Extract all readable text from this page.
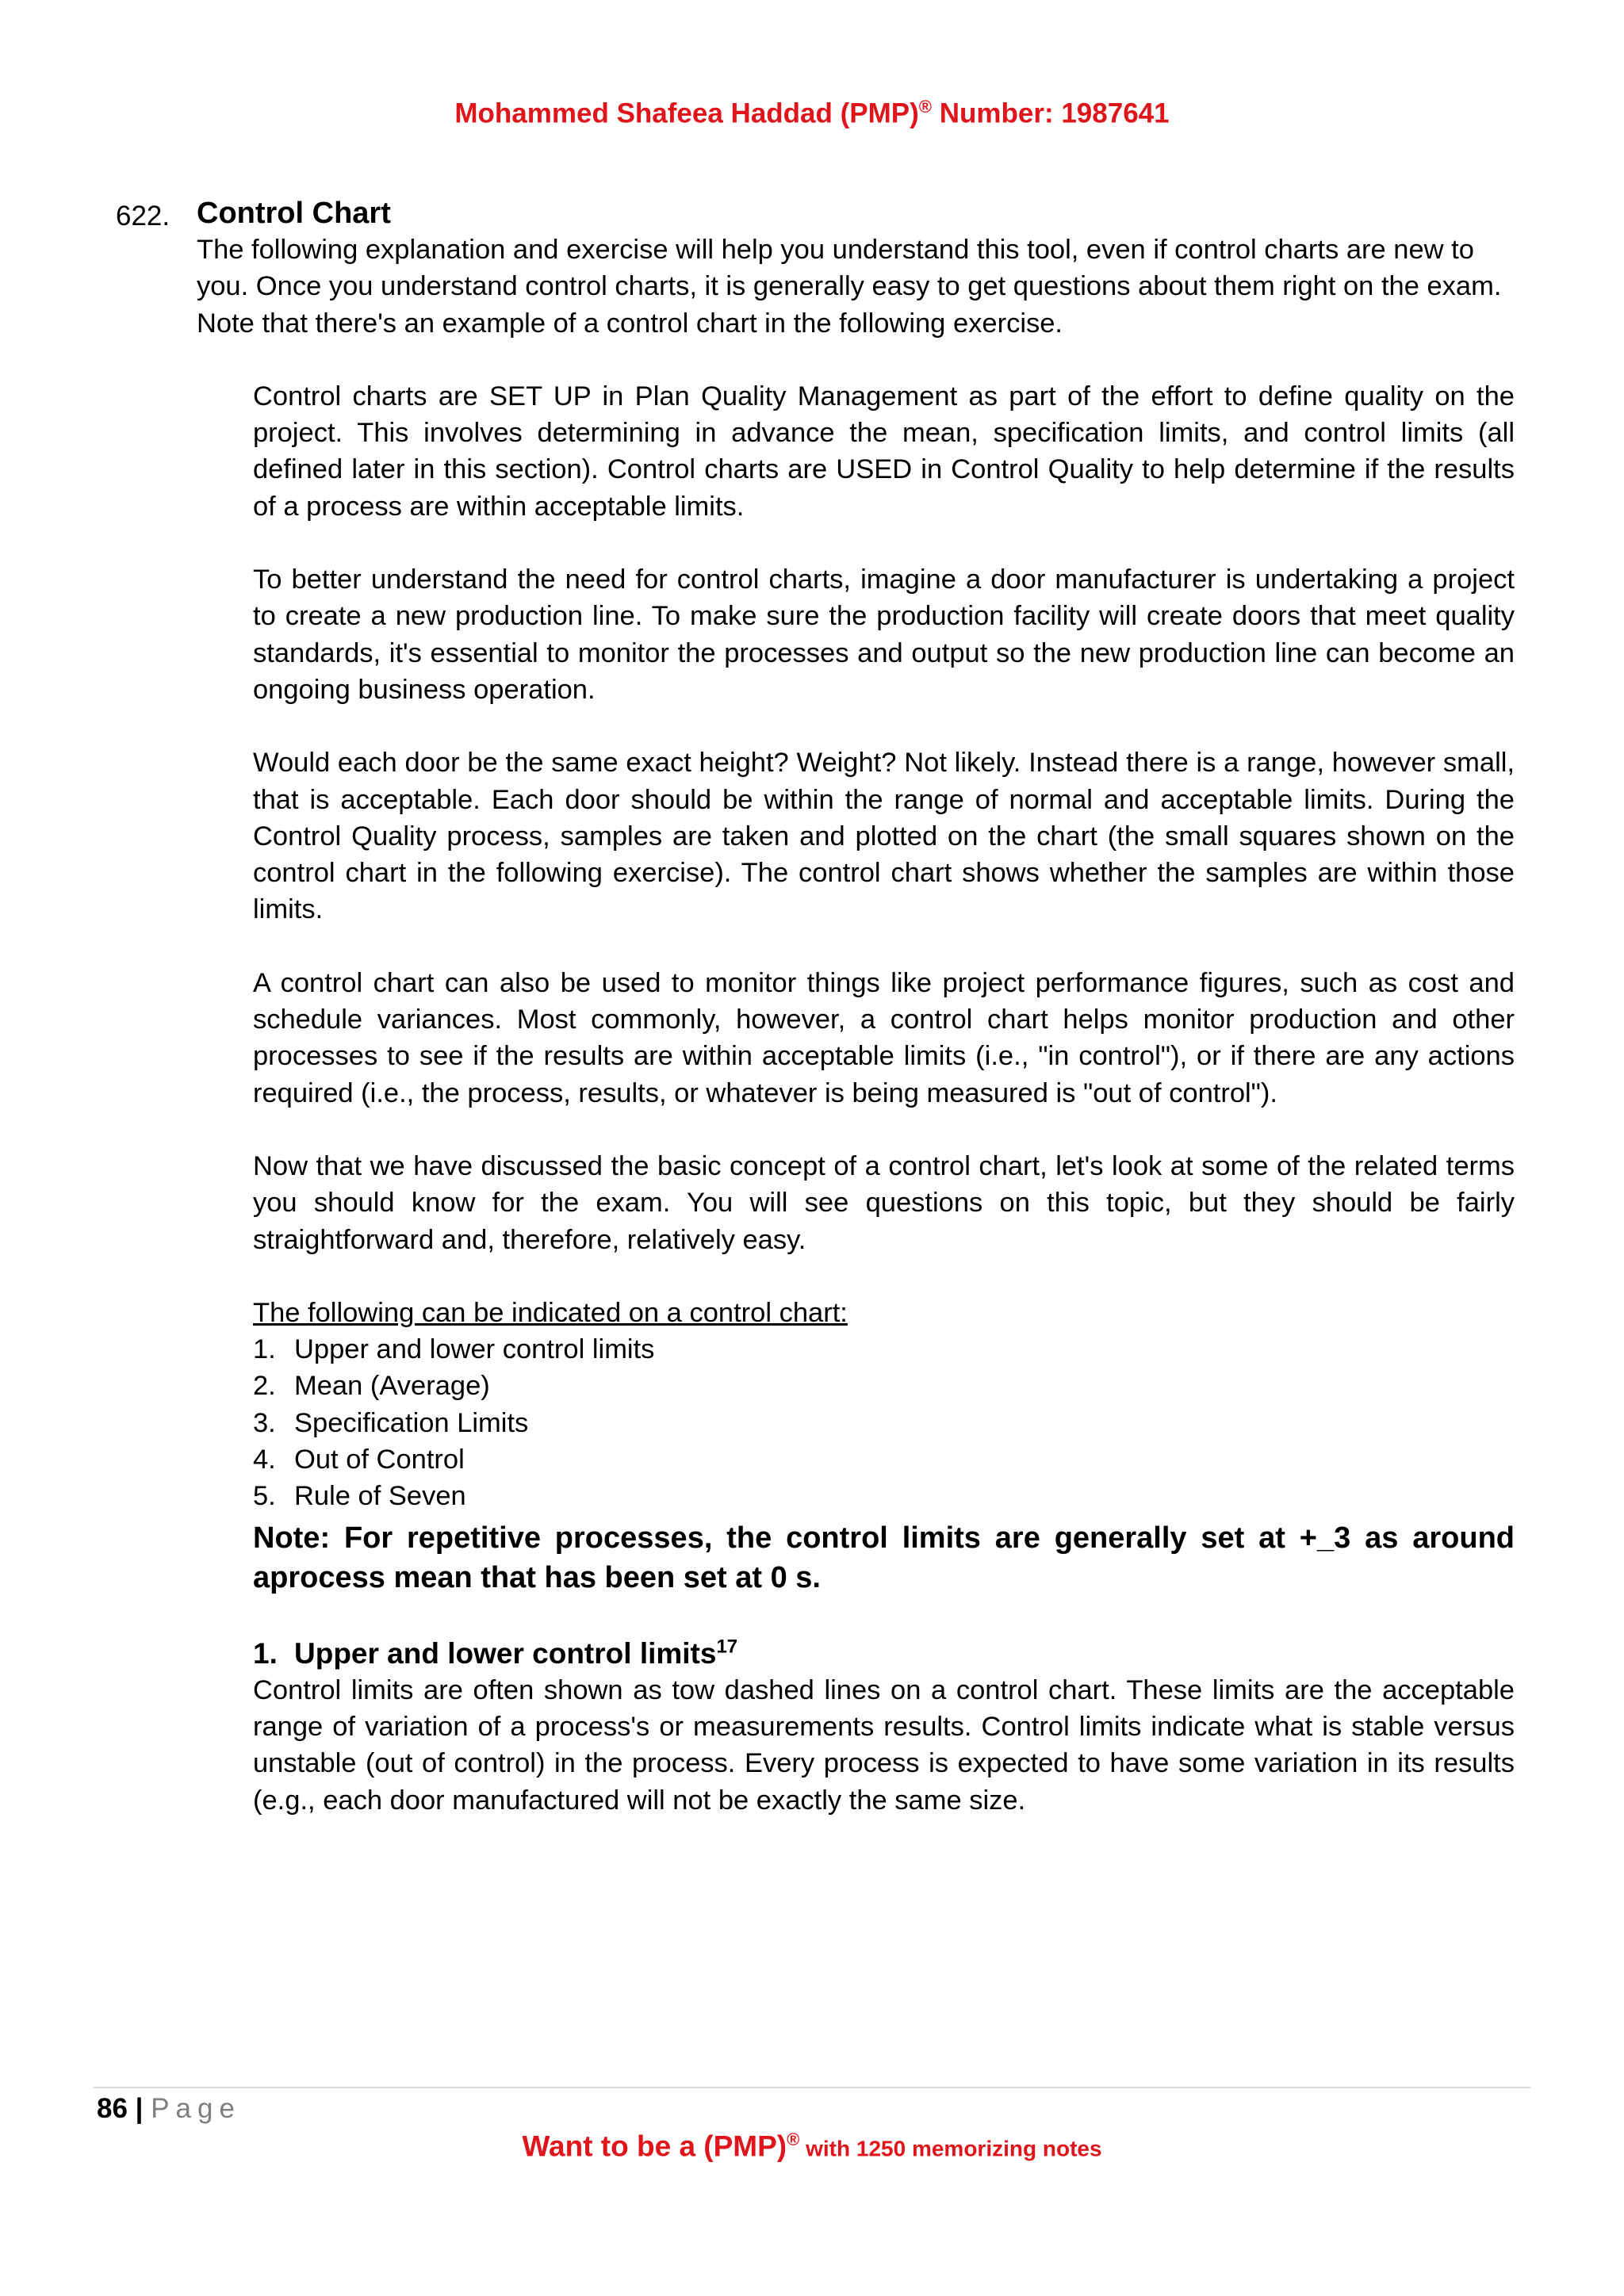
Mohammed Shafeea Haddad (PMP)® Number: 1987641
622. Control Chart

The following explanation and exercise will help you understand this tool, even if control charts are new to you. Once you understand control charts, it is generally easy to get questions about them right on the exam. Note that there's an example of a control chart in the following exercise.

Control charts are SET UP in Plan Quality Management as part of the effort to define quality on the project. This involves determining in advance the mean, specification limits, and control limits (all defined later in this section). Control charts are USED in Control Quality to help determine if the results of a process are within acceptable limits.

To better understand the need for control charts, imagine a door manufacturer is undertaking a project to create a new production line. To make sure the production facility will create doors that meet quality standards, it's essential to monitor the processes and output so the new production line can become an ongoing business operation.

Would each door be the same exact height? Weight? Not likely. Instead there is a range, however small, that is acceptable. Each door should be within the range of normal and acceptable limits. During the Control Quality process, samples are taken and plotted on the chart (the small squares shown on the control chart in the following exercise). The control chart shows whether the samples are within those limits.

A control chart can also be used to monitor things like project performance figures, such as cost and schedule variances. Most commonly, however, a control chart helps monitor production and other processes to see if the results are within acceptable limits (i.e., "in control"), or if there are any actions required (i.e., the process, results, or whatever is being measured is "out of control").

Now that we have discussed the basic concept of a control chart, let's look at some of the related terms you should know for the exam. You will see questions on this topic, but they should be fairly straightforward and, therefore, relatively easy.

The following can be indicated on a control chart:

1. Upper and lower control limits
2. Mean (Average)
3. Specification Limits
4. Out of Control
5. Rule of Seven

Note: For repetitive processes, the control limits are generally set at +_3 as around aprocess mean that has been set at 0 s.

1. Upper and lower control limits$^{17}$

Control limits are often shown as tow dashed lines on a control chart. These limits are the acceptable range of variation of a process's or measurements results. Control limits indicate what is stable versus unstable (out of control) in the process. Every process is expected to have some variation in its results (e.g., each door manufactured will not be exactly the same size.

86 | Page
Want to be a (PMP)® with 1250 memorizing notes
